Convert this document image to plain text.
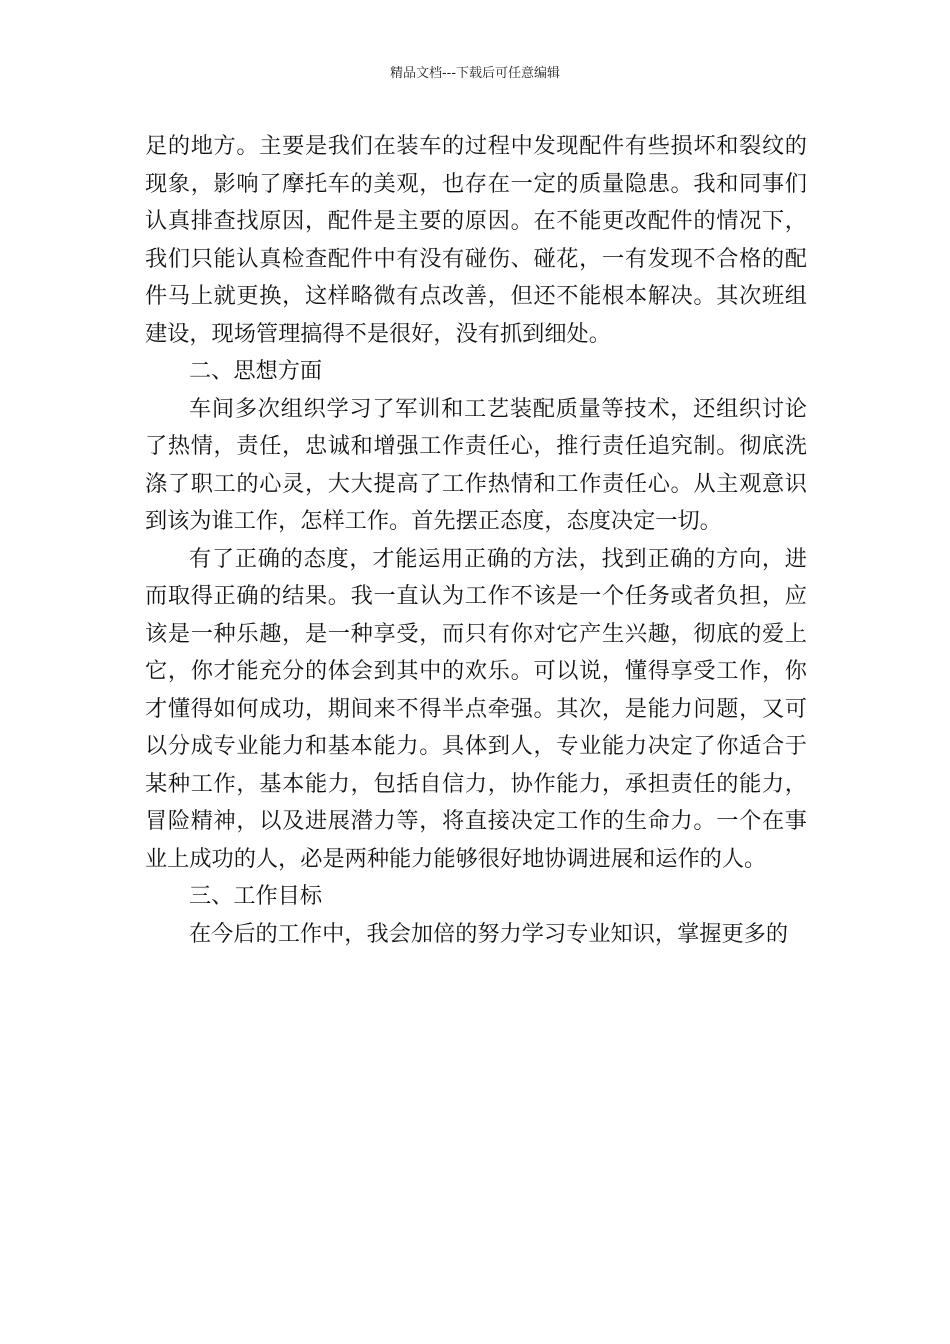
精品文档---下载后可任意编辑

足的地方。主要是我们在装车的过程中发现配件有些损坏和裂纹的现象，影响了摩托车的美观，也存在一定的质量隐患。我和同事们认真排查找原因，配件是主要的原因。在不能更改配件的情况下，我们只能认真检查配件中有没有碰伤、碰花，一有发现不合格的配件马上就更换，这样略微有点改善，但还不能根本解决。其次班组建设，现场管理搞得不是很好，没有抓到细处。

二、思想方面

车间多次组织学习了军训和工艺装配质量等技术，还组织讨论了热情，责任，忠诚和增强工作责任心，推行责任追究制。彻底洗涤了职工的心灵，大大提高了工作热情和工作责任心。从主观意识到该为谁工作，怎样工作。首先摆正态度，态度决定一切。

有了正确的态度，才能运用正确的方法，找到正确的方向，进而取得正确的结果。我一直认为工作不该是一个任务或者负担，应该是一种乐趣，是一种享受，而只有你对它产生兴趣，彻底的爱上它，你才能充分的体会到其中的欢乐。可以说，懂得享受工作，你才懂得如何成功，期间来不得半点牵强。其次，是能力问题，又可以分成专业能力和基本能力。具体到人，专业能力决定了你适合于某种工作，基本能力，包括自信力，协作能力，承担责任的能力，冒险精神，以及进展潜力等，将直接决定工作的生命力。一个在事业上成功的人，必是两种能力能够很好地协调进展和运作的人。

三、工作目标

在今后的工作中，我会加倍的努力学习专业知识，掌握更多的
